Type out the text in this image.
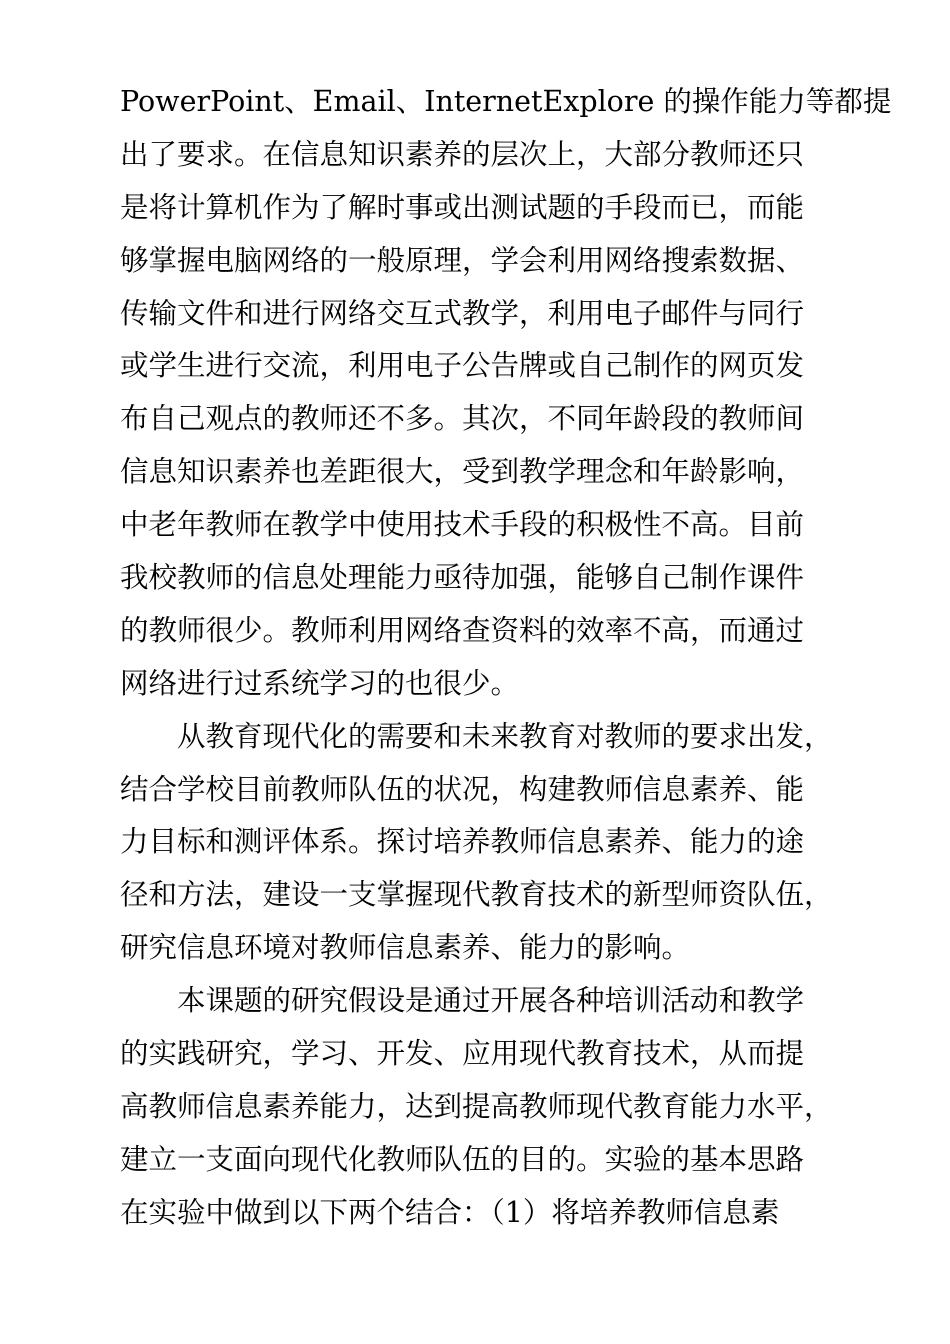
PowerPoint、Email、InternetExplore 的操作能力等都提
出了要求。在信息知识素养的层次上，大部分教师还只
是将计算机作为了解时事或出测试题的手段而已，而能
够掌握电脑网络的一般原理，学会利用网络搜索数据、
传输文件和进行网络交互式教学，利用电子邮件与同行
或学生进行交流，利用电子公告牌或自己制作的网页发
布自己观点的教师还不多。其次，不同年龄段的教师间
信息知识素养也差距很大，受到教学理念和年龄影响，
中老年教师在教学中使用技术手段的积极性不高。目前
我校教师的信息处理能力亟待加强，能够自己制作课件
的教师很少。教师利用网络查资料的效率不高，而通过
网络进行过系统学习的也很少。
从教育现代化的需要和未来教育对教师的要求出发，
结合学校目前教师队伍的状况，构建教师信息素养、能
力目标和测评体系。探讨培养教师信息素养、能力的途
径和方法，建设一支掌握现代教育技术的新型师资队伍，
研究信息环境对教师信息素养、能力的影响。
本课题的研究假设是通过开展各种培训活动和教学
的实践研究，学习、开发、应用现代教育技术，从而提
高教师信息素养能力，达到提高教师现代教育能力水平，
建立一支面向现代化教师队伍的目的。实验的基本思路
在实验中做到以下两个结合：（1）将培养教师信息素
